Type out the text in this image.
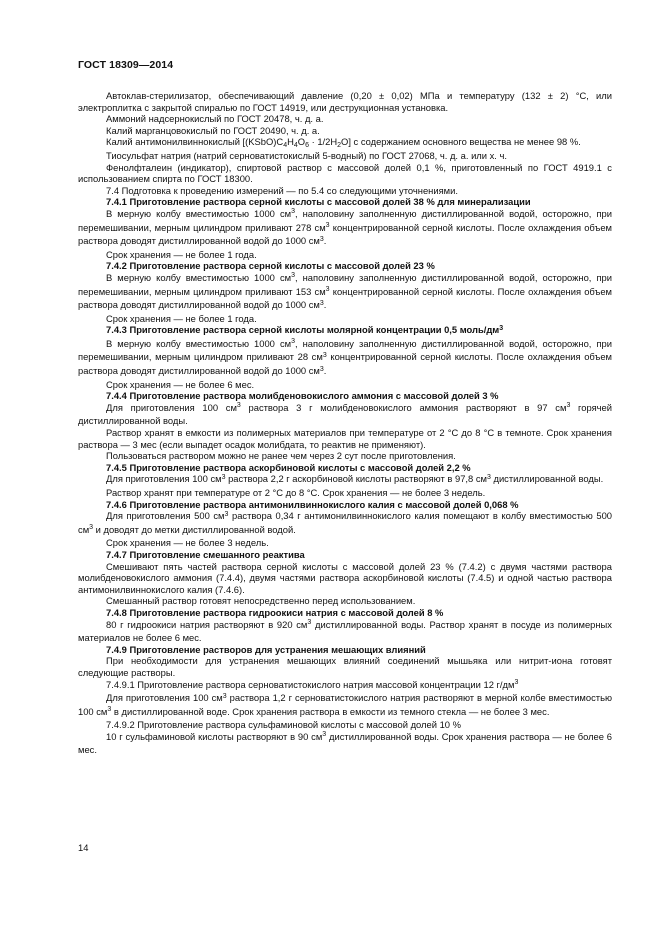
ГОСТ 18309—2014

Автоклав-стерилизатор, обеспечивающий давление (0,20 ± 0,02) МПа и температуру (132 ± 2) °С, или электроплитка с закрытой спиралью по ГОСТ 14919, или деструкционная установка.

Аммоний надсернокислый по ГОСТ 20478, ч. д. а.

Калий марганцовокислый по ГОСТ 20490, ч. д. а.

Калий антимонилвиннокислый $[(KSbO)C_4H_4O_6 \cdot 1/2H_2O]$ с содержанием основного вещества не менее 98 %.

Тиосульфат натрия (натрий серноватистокислый 5-водный) по ГОСТ 27068, ч. д. а. или х. ч.

Фенолфталеин (индикатор), спиртовой раствор с массовой долей 0,1 %, приготовленный по ГОСТ 4919.1 с использованием спирта по ГОСТ 18300.

7.4 Подготовка к проведению измерений — по 5.4 со следующими уточнениями.

7.4.1 Приготовление раствора серной кислоты с массовой долей 38 % для минерализации

В мерную колбу вместимостью 1000 $см^3$, наполовину заполненную дистиллированной водой, осторожно, при перемешивании, мерным цилиндром приливают 278 $см^3$ концентрированной серной кислоты. После охлаждения объем раствора доводят дистиллированной водой до 1000 $см^3$.

Срок хранения — не более 1 года.

7.4.2 Приготовление раствора серной кислоты с массовой долей 23 %

В мерную колбу вместимостью 1000 $см^3$, наполовину заполненную дистиллированной водой, осторожно, при перемешивании, мерным цилиндром приливают 153 $см^3$ концентрированной серной кислоты. После охлаждения объем раствора доводят дистиллированной водой до 1000 $см^3$.

Срок хранения — не более 1 года.

7.4.3 Приготовление раствора серной кислоты молярной концентрации 0,5 моль/$дм^3$

В мерную колбу вместимостью 1000 $см^3$, наполовину заполненную дистиллированной водой, осторожно, при перемешивании, мерным цилиндром приливают 28 $см^3$ концентрированной серной кислоты. После охлаждения объем раствора доводят дистиллированной водой до 1000 $см^3$.

Срок хранения — не более 6 мес.

7.4.4 Приготовление раствора молибденовокислого аммония с массовой долей 3 %

Для приготовления 100 $см^3$ раствора 3 г молибденовокислого аммония растворяют в 97 $см^3$ горячей дистиллированной воды.

Раствор хранят в емкости из полимерных материалов при температуре от 2 °С до 8 °С в темноте. Срок хранения раствора — 3 мес (если выпадет осадок молибдата, то реактив не применяют).

Пользоваться раствором можно не ранее чем через 2 сут после приготовления.

7.4.5 Приготовление раствора аскорбиновой кислоты с массовой долей 2,2 %

Для приготовления 100 $см^3$ раствора 2,2 г аскорбиновой кислоты растворяют в 97,8 $см^3$ дистиллированной воды.

Раствор хранят при температуре от 2 °С до 8 °С. Срок хранения — не более 3 недель.

7.4.6 Приготовление раствора антимонилвиннокислого калия с массовой долей 0,068 %

Для приготовления 500 $см^3$ раствора 0,34 г антимонилвиннокислого калия помещают в колбу вместимостью 500 $см^3$ и доводят до метки дистиллированной водой.

Срок хранения — не более 3 недель.

7.4.7 Приготовление смешанного реактива

Смешивают пять частей раствора серной кислоты с массовой долей 23 % (7.4.2) с двумя частями раствора молибденовокислого аммония (7.4.4), двумя частями раствора аскорбиновой кислоты (7.4.5) и одной частью раствора антимонилвиннокислого калия (7.4.6).

Смешанный раствор готовят непосредственно перед использованием.

7.4.8 Приготовление раствора гидроокиси натрия с массовой долей 8 %

80 г гидроокиси натрия растворяют в 920 $см^3$ дистиллированной воды. Раствор хранят в посуде из полимерных материалов не более 6 мес.

7.4.9 Приготовление растворов для устранения мешающих влияний

При необходимости для устранения мешающих влияний соединений мышьяка или нитрит-иона готовят следующие растворы.

7.4.9.1 Приготовление раствора серноватистокислого натрия массовой концентрации 12 $г/дм^3$

Для приготовления 100 $см^3$ раствора 1,2 г серноватистокислого натрия растворяют в мерной колбе вместимостью 100 $см^3$ в дистиллированной воде. Срок хранения раствора в емкости из темного стекла — не более 3 мес.

7.4.9.2 Приготовление раствора сульфаминовой кислоты с массовой долей 10 %

10 г сульфаминовой кислоты растворяют в 90 $см^3$ дистиллированной воды. Срок хранения раствора — не более 6 мес.

14
